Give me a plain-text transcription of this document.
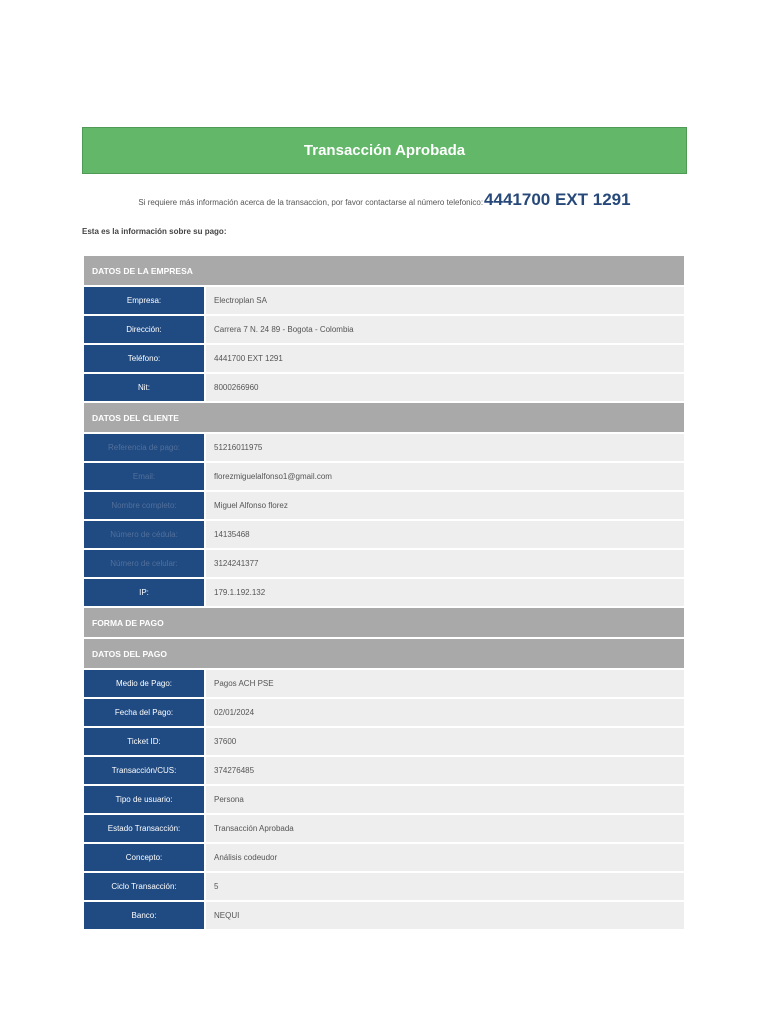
Transacción Aprobada
Si requiere más información acerca de la transaccion, por favor contactarse al número telefonico: 4441700 EXT 1291
Esta es la información sobre su pago:
DATOS DE LA EMPRESA
Empresa:	Electroplan SA
Dirección:	Carrera 7 N. 24 89 - Bogota - Colombia
Teléfono:	4441700 EXT 1291
Nit:	8000266960
DATOS DEL CLIENTE
Referencia de pago:	51216011975
Email:	florezmiguelalfonso1@gmail.com
Nombre completo:	Miguel Alfonso florez
Número de cédula:	14135468
Número de celular:	3124241377
IP:	179.1.192.132
FORMA DE PAGO
DATOS DEL PAGO
Medio de Pago:	Pagos ACH PSE
Fecha del Pago:	02/01/2024
Ticket ID:	37600
Transacción/CUS:	374276485
Tipo de usuario:	Persona
Estado Transacción:	Transacción Aprobada
Concepto:	Análisis codeudor
Ciclo Transacción:	5
Banco:	NEQUI
